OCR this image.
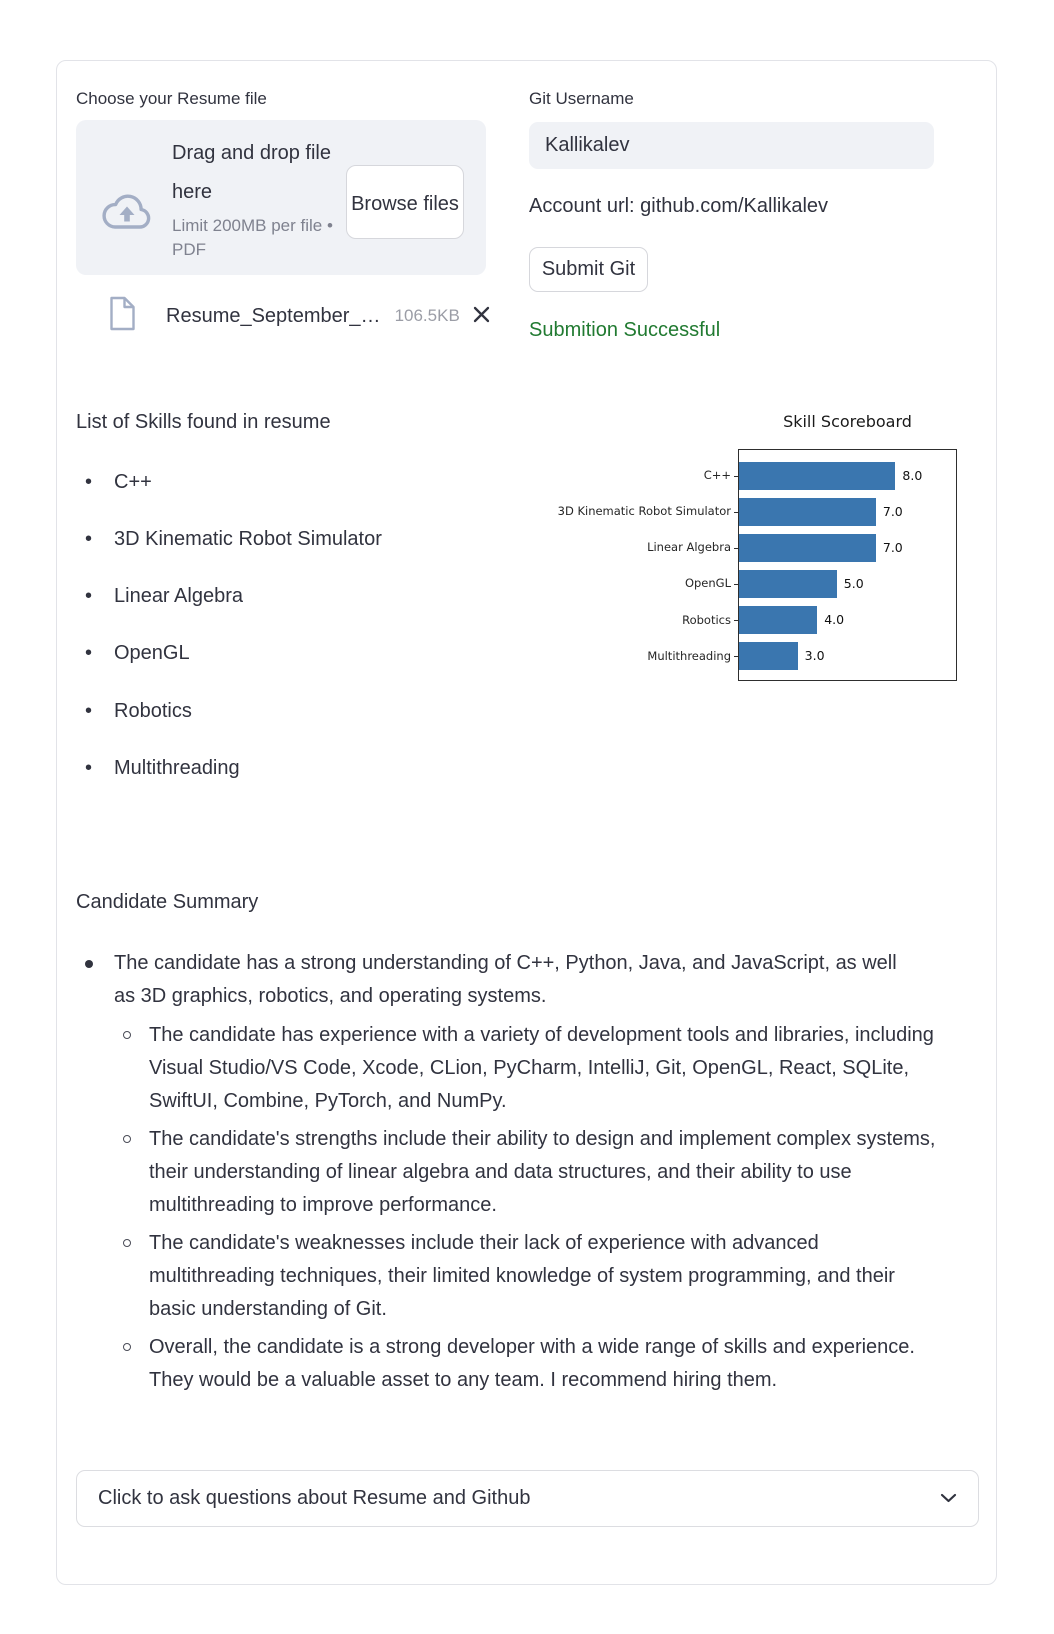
Choose your Resume file
Drag and drop file here
Limit 200MB per file • PDF
Browse files
Resume_September_… 106.5KB
Git Username
Kallikalev
Account url: github.com/Kallikalev
Submit Git
Submition Successful
List of Skills found in resume
•	C++
•	3D Kinematic Robot Simulator
•	Linear Algebra
•	OpenGL
•	Robotics
•	Multithreading
Skill Scoreboard
C++	8.0
3D Kinematic Robot Simulator	7.0
Linear Algebra	7.0
OpenGL	5.0
Robotics	4.0
Multithreading	3.0
Candidate Summary
The candidate has a strong understanding of C++, Python, Java, and JavaScript, as well as 3D graphics, robotics, and operating systems.
The candidate has experience with a variety of development tools and libraries, including Visual Studio/VS Code, Xcode, CLion, PyCharm, IntelliJ, Git, OpenGL, React, SQLite, SwiftUI, Combine, PyTorch, and NumPy.
The candidate's strengths include their ability to design and implement complex systems, their understanding of linear algebra and data structures, and their ability to use multithreading to improve performance.
The candidate's weaknesses include their lack of experience with advanced multithreading techniques, their limited knowledge of system programming, and their basic understanding of Git.
Overall, the candidate is a strong developer with a wide range of skills and experience. They would be a valuable asset to any team. I recommend hiring them.
Click to ask questions about Resume and Github
